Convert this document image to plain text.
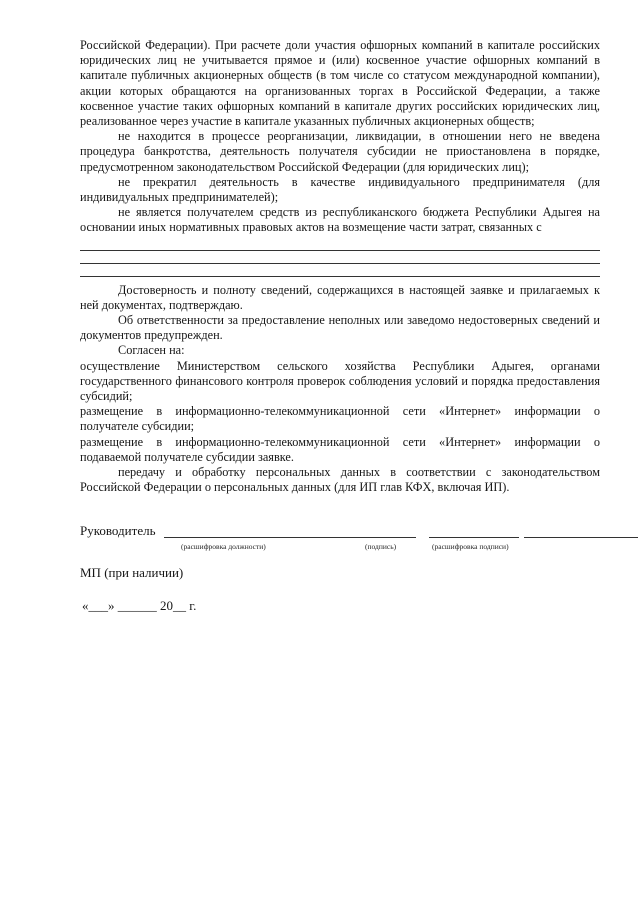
Российской Федерации). При расчете доли участия офшорных компаний в капитале российских юридических лиц не учитывается прямое и (или) косвенное участие офшорных компаний в капитале публичных акционерных обществ (в том числе со статусом международной компании), акции которых обращаются на организованных торгах в Российской Федерации, а также косвенное участие таких офшорных компаний в капитале других российских юридических лиц, реализованное через участие в капитале указанных публичных акционерных обществ;

не находится в процессе реорганизации, ликвидации, в отношении него не введена процедура банкротства, деятельность получателя субсидии не приостановлена в порядке, предусмотренном законодательством Российской Федерации (для юридических лиц);

не прекратил деятельность в качестве индивидуального предпринимателя (для индивидуальных предпринимателей);

не является получателем средств из республиканского бюджета Республики Адыгея на основании иных нормативных правовых актов на возмещение части затрат, связанных с

Достоверность и полноту сведений, содержащихся в настоящей заявке и прилагаемых к ней документах, подтверждаю.

Об ответственности за предоставление неполных или заведомо недостоверных сведений и документов предупрежден.

Согласен на:

осуществление Министерством сельского хозяйства Республики Адыгея, органами государственного финансового контроля проверок соблюдения условий и порядка предоставления субсидий;

размещение в информационно-телекоммуникационной сети «Интернет» информации о получателе субсидии;

размещение в информационно-телекоммуникационной сети «Интернет» информации о подаваемой получателе субсидии заявке.

передачу и обработку персональных данных в соответствии с законодательством Российской Федерации о персональных данных (для ИП глав КФХ, включая ИП).

Руководитель
(расшифровка должности)	(подпись)	(расшифровка подписи)
МП (при наличии)
«___» ______ 20__ г.
